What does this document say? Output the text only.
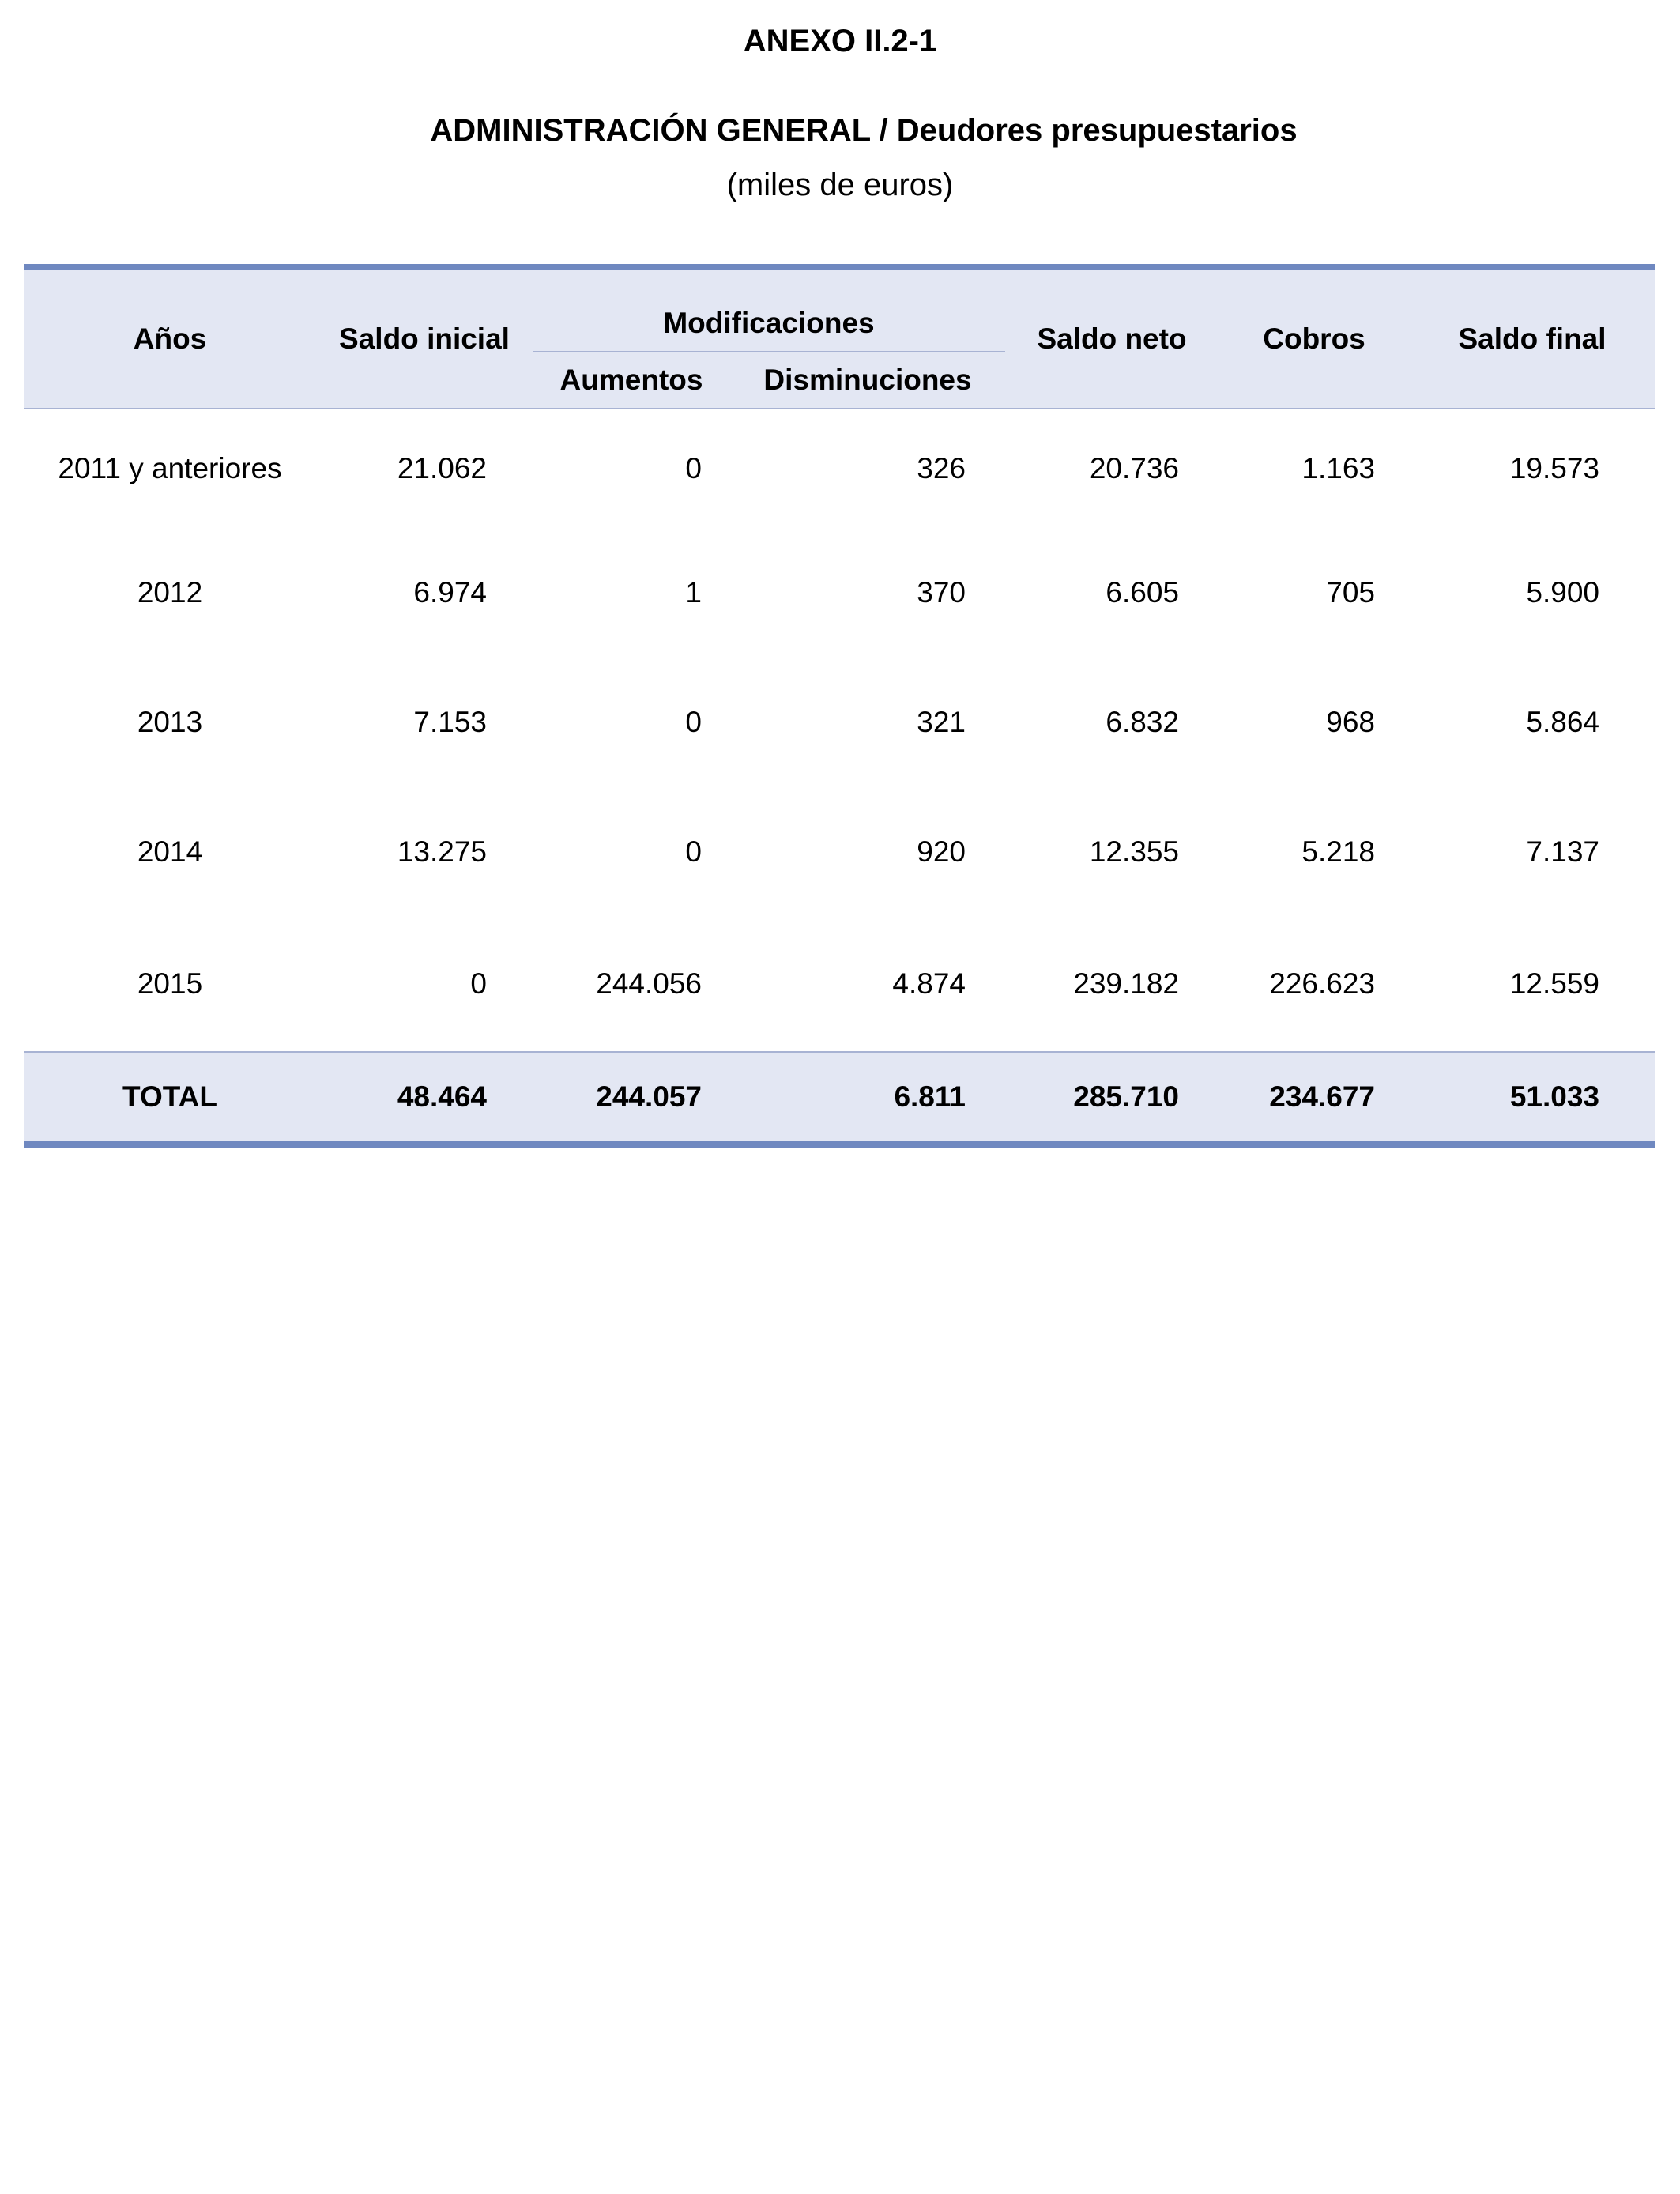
ANEXO II.2-1
ADMINISTRACIÓN GENERAL / Deudores presupuestarios
(miles de euros)
Años	Saldo inicial	Modificaciones		Saldo neto	Cobros	Saldo final
		Aumentos	Disminuciones			
2011 y anteriores	21.062	0	326	20.736	1.163	19.573
2012	6.974	1	370	6.605	705	5.900
2013	7.153	0	321	6.832	968	5.864
2014	13.275	0	920	12.355	5.218	7.137
2015	0	244.056	4.874	239.182	226.623	12.559
TOTAL	48.464	244.057	6.811	285.710	234.677	51.033
